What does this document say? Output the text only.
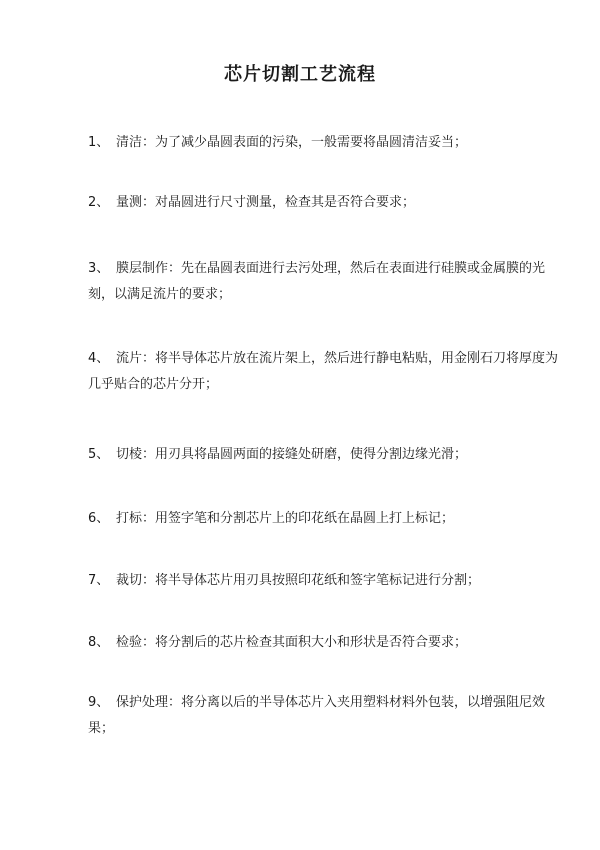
芯片切割工艺流程
1、 清洁：为了减少晶圆表面的污染，一般需要将晶圆清洁妥当；
2、 量测：对晶圆进行尺寸测量，检查其是否符合要求；
3、 膜层制作：先在晶圆表面进行去污处理，然后在表面进行硅膜或金属膜的光刻，以满足流片的要求；
4、 流片：将半导体芯片放在流片架上，然后进行静电粘贴，用金刚石刀将厚度为几乎贴合的芯片分开；
5、 切棱：用刃具将晶圆两面的接缝处研磨，使得分割边缘光滑；
6、 打标：用签字笔和分割芯片上的印花纸在晶圆上打上标记；
7、 裁切：将半导体芯片用刃具按照印花纸和签字笔标记进行分割；
8、 检验：将分割后的芯片检查其面积大小和形状是否符合要求；
9、 保护处理：将分离以后的半导体芯片入夹用塑料材料外包装，以增强阻尼效果；
